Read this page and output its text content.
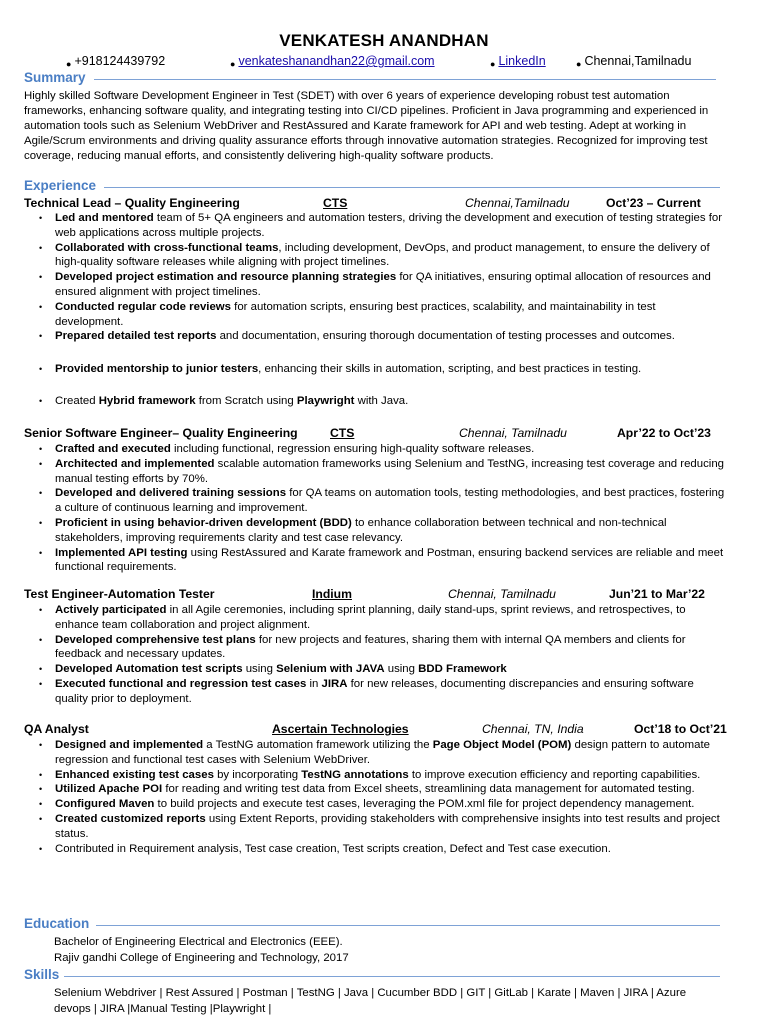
VENKATESH ANANDHAN
● +918124439792	● venkateshanandhan22@gmail.com	● LinkedIn	● Chennai,Tamilnadu
Summary
Highly skilled Software Development Engineer in Test (SDET) with over 6 years of experience developing robust test automation frameworks, enhancing software quality, and integrating testing into CI/CD pipelines. Proficient in Java programming and experienced in automation tools such as Selenium WebDriver and RestAssured and Karate framework for API and web testing. Adept at working in Agile/Scrum environments and driving quality assurance efforts through innovative automation strategies. Recognized for improving test coverage, reducing manual efforts, and consistently delivering high-quality software products.
Experience
Technical Lead – Quality Engineering	CTS	Chennai,Tamilnadu	Oct’23 – Current
• Led and mentored team of 5+ QA engineers and automation testers, driving the development and execution of testing strategies for web applications across multiple projects.
• Collaborated with cross-functional teams, including development, DevOps, and product management, to ensure the delivery of high-quality software releases while aligning with project timelines.
• Developed project estimation and resource planning strategies for QA initiatives, ensuring optimal allocation of resources and ensured alignment with project timelines.
• Conducted regular code reviews for automation scripts, ensuring best practices, scalability, and maintainability in test development.
• Prepared detailed test reports and documentation, ensuring thorough documentation of testing processes and outcomes.
• Provided mentorship to junior testers, enhancing their skills in automation, scripting, and best practices in testing.
• Created Hybrid framework from Scratch using Playwright with Java.
Senior Software Engineer– Quality Engineering	CTS	Chennai, Tamilnadu	Apr’22 to Oct’23
• Crafted and executed including functional, regression ensuring high-quality software releases.
• Architected and implemented scalable automation frameworks using Selenium and TestNG, increasing test coverage and reducing manual testing efforts by 70%.
• Developed and delivered training sessions for QA teams on automation tools, testing methodologies, and best practices, fostering a culture of continuous learning and improvement.
• Proficient in using behavior-driven development (BDD) to enhance collaboration between technical and non-technical stakeholders, improving requirements clarity and test case relevancy.
• Implemented API testing using RestAssured and Karate framework and Postman, ensuring backend services are reliable and meet functional requirements.
Test Engineer-Automation Tester	Indium	Chennai, Tamilnadu	Jun’21 to Mar’22
• Actively participated in all Agile ceremonies, including sprint planning, daily stand-ups, sprint reviews, and retrospectives, to enhance team collaboration and project alignment.
• Developed comprehensive test plans for new projects and features, sharing them with internal QA members and clients for feedback and necessary updates.
• Developed Automation test scripts using Selenium with JAVA using BDD Framework
• Executed functional and regression test cases in JIRA for new releases, documenting discrepancies and ensuring software quality prior to deployment.
QA Analyst	Ascertain Technologies	Chennai, TN, India	Oct’18 to Oct’21
• Designed and implemented a TestNG automation framework utilizing the Page Object Model (POM) design pattern to automate regression and functional test cases with Selenium WebDriver.
• Enhanced existing test cases by incorporating TestNG annotations to improve execution efficiency and reporting capabilities.
• Utilized Apache POI for reading and writing test data from Excel sheets, streamlining data management for automated testing.
• Configured Maven to build projects and execute test cases, leveraging the POM.xml file for project dependency management.
• Created customized reports using Extent Reports, providing stakeholders with comprehensive insights into test results and project status.
• Contributed in Requirement analysis, Test case creation, Test scripts creation, Defect and Test case execution.
Education
Bachelor of Engineering Electrical and Electronics (EEE).
Rajiv gandhi College of Engineering and Technology, 2017
Skills
Selenium Webdriver | Rest Assured | Postman | TestNG | Java | Cucumber BDD | GIT | GitLab | Karate | Maven | JIRA | Azure devops | JIRA |Manual Testing |Playwright |
